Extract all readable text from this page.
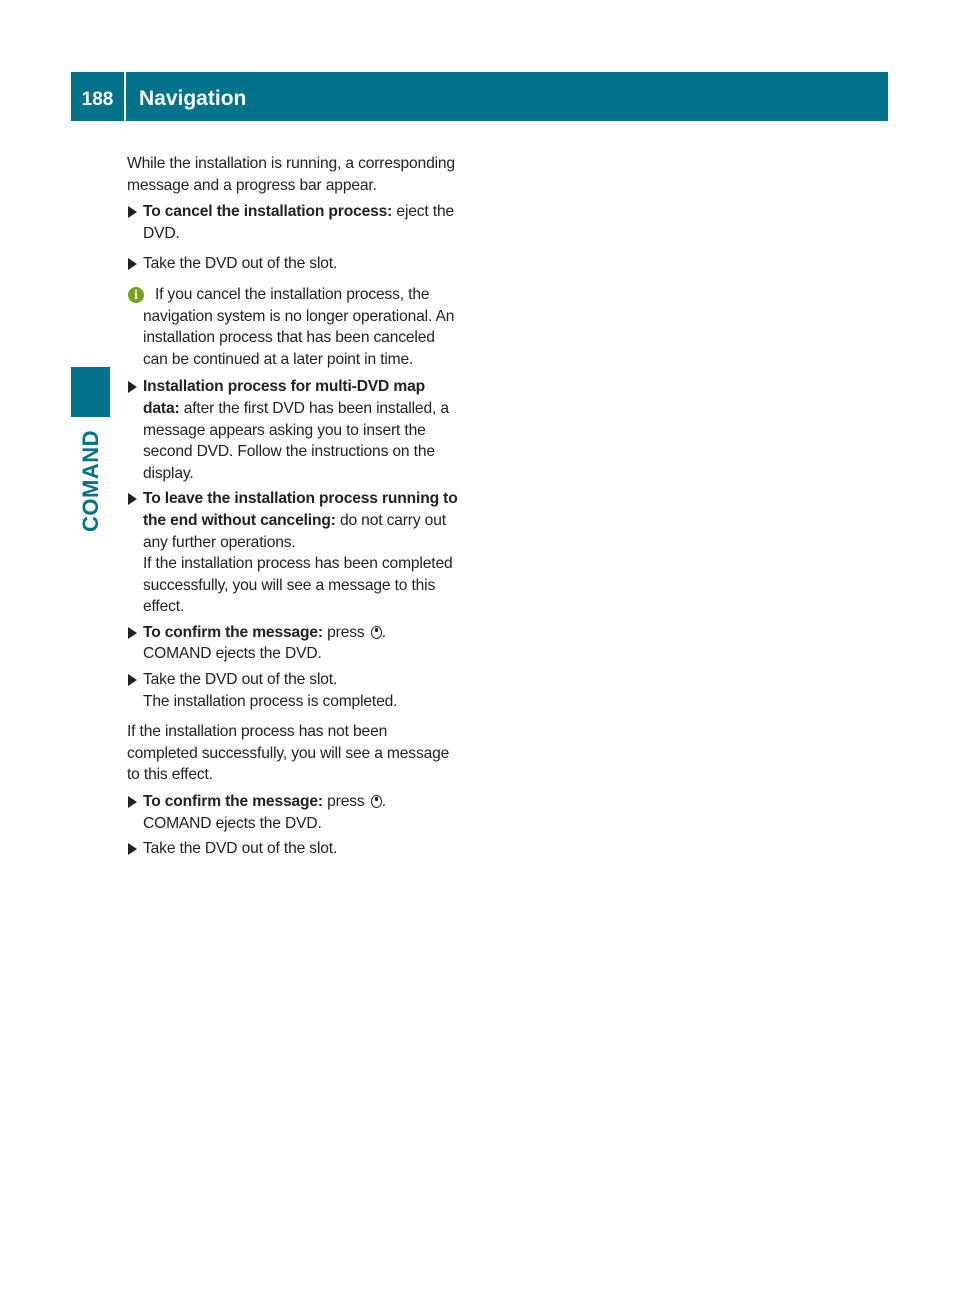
188	Navigation
COMAND

While the installation is running, a corresponding message and a progress bar appear.

To cancel the installation process: eject the DVD.
Take the DVD out of the slot.
i	If you cancel the installation process, the
navigation system is no longer operational. An installation process that has been canceled can be continued at a later point in time.
Installation process for multi-DVD map data: after the first DVD has been installed, a message appears asking you to insert the second DVD. Follow the instructions on the display.
To leave the installation process running to the end without canceling: do not carry out any further operations.
If the installation process has been completed successfully, you will see a message to this effect.
To confirm the message: press .
COMAND ejects the DVD.
Take the DVD out of the slot.
The installation process is completed.

If the installation process has not been completed successfully, you will see a message to this effect.

To confirm the message: press .
COMAND ejects the DVD.
Take the DVD out of the slot.
